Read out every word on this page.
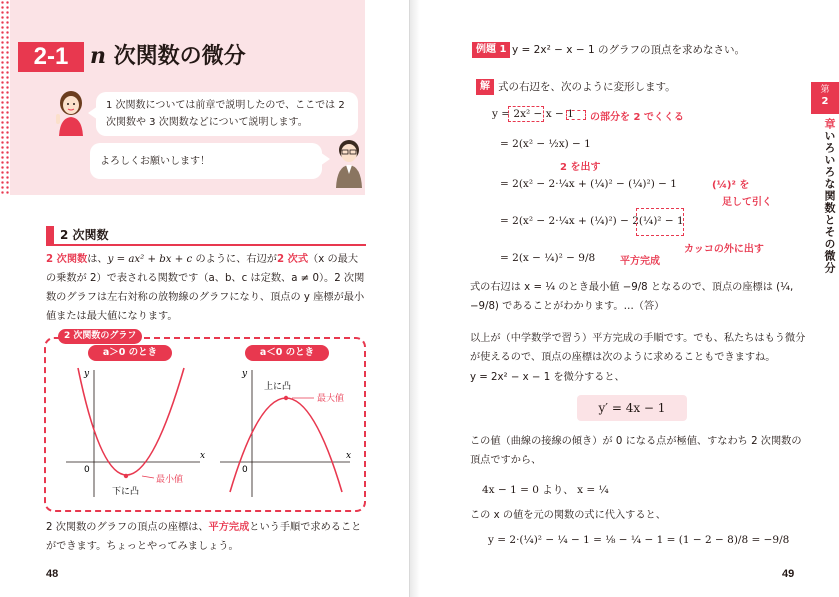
2-1 n 次関数の微分
1 次関数については前章で説明したので、ここでは 2 次関数や 3 次関数などについて説明します。
よろしくお願いします！
2 次関数
2 次関数は、y = ax² + bx + c のように、右辺が2 次式（x の最大の乗数が 2）で表される関数です（a、b、c は定数、a ≠ 0）。2 次関数のグラフは左右対称の放物線のグラフになり、頂点の y 座標が最小値または最大値になります。
2 次関数のグラフ
a＞0 のとき	a＜0 のとき
y
x
0
最小値
下に凸
y
x
0
上に凸
最大値
2 次関数のグラフの頂点の座標は、平方完成という手順で求めることができます。ちょっとやってみましょう。
48
例題 1 y = 2x² − x − 1 のグラフの頂点を求めなさい。
解 式の右辺を、次のように変形します。	第
2
章いろいろな関数とその微分
y = 2x² − x − 1 の部分を 2 でくくる
= 2(x² − ½x) − 1
2 を出す
= 2(x² − 2·¼x + (¼)² − (¼)²) − 1	(¼)² を
足して引く
= 2(x² − 2·¼x + (¼)²) − 2(¼)² − 1
カッコの外に出す
= 2(x − ¼)² − 9/8 平方完成
式の右辺は x = ¼ のとき最小値 −9/8 となるので、頂点の座標は (¼, −9/8) であることがわかります。…（答）
以上が（中学数学で習う）平方完成の手順です。でも、私たちはもう微分が使えるので、頂点の座標は次のように求めることもできますね。
y = 2x² − x − 1 を微分すると、
y′ = 4x − 1
この値（曲線の接線の傾き）が 0 になる点が極値、すなわち 2 次関数の頂点ですから、
4x − 1 = 0 より、 x = ¼
この x の値を元の関数の式に代入すると、
y = 2·(¼)² − ¼ − 1 = ⅛ − ¼ − 1 = (1 − 2 − 8)/8 = −9/8
49
